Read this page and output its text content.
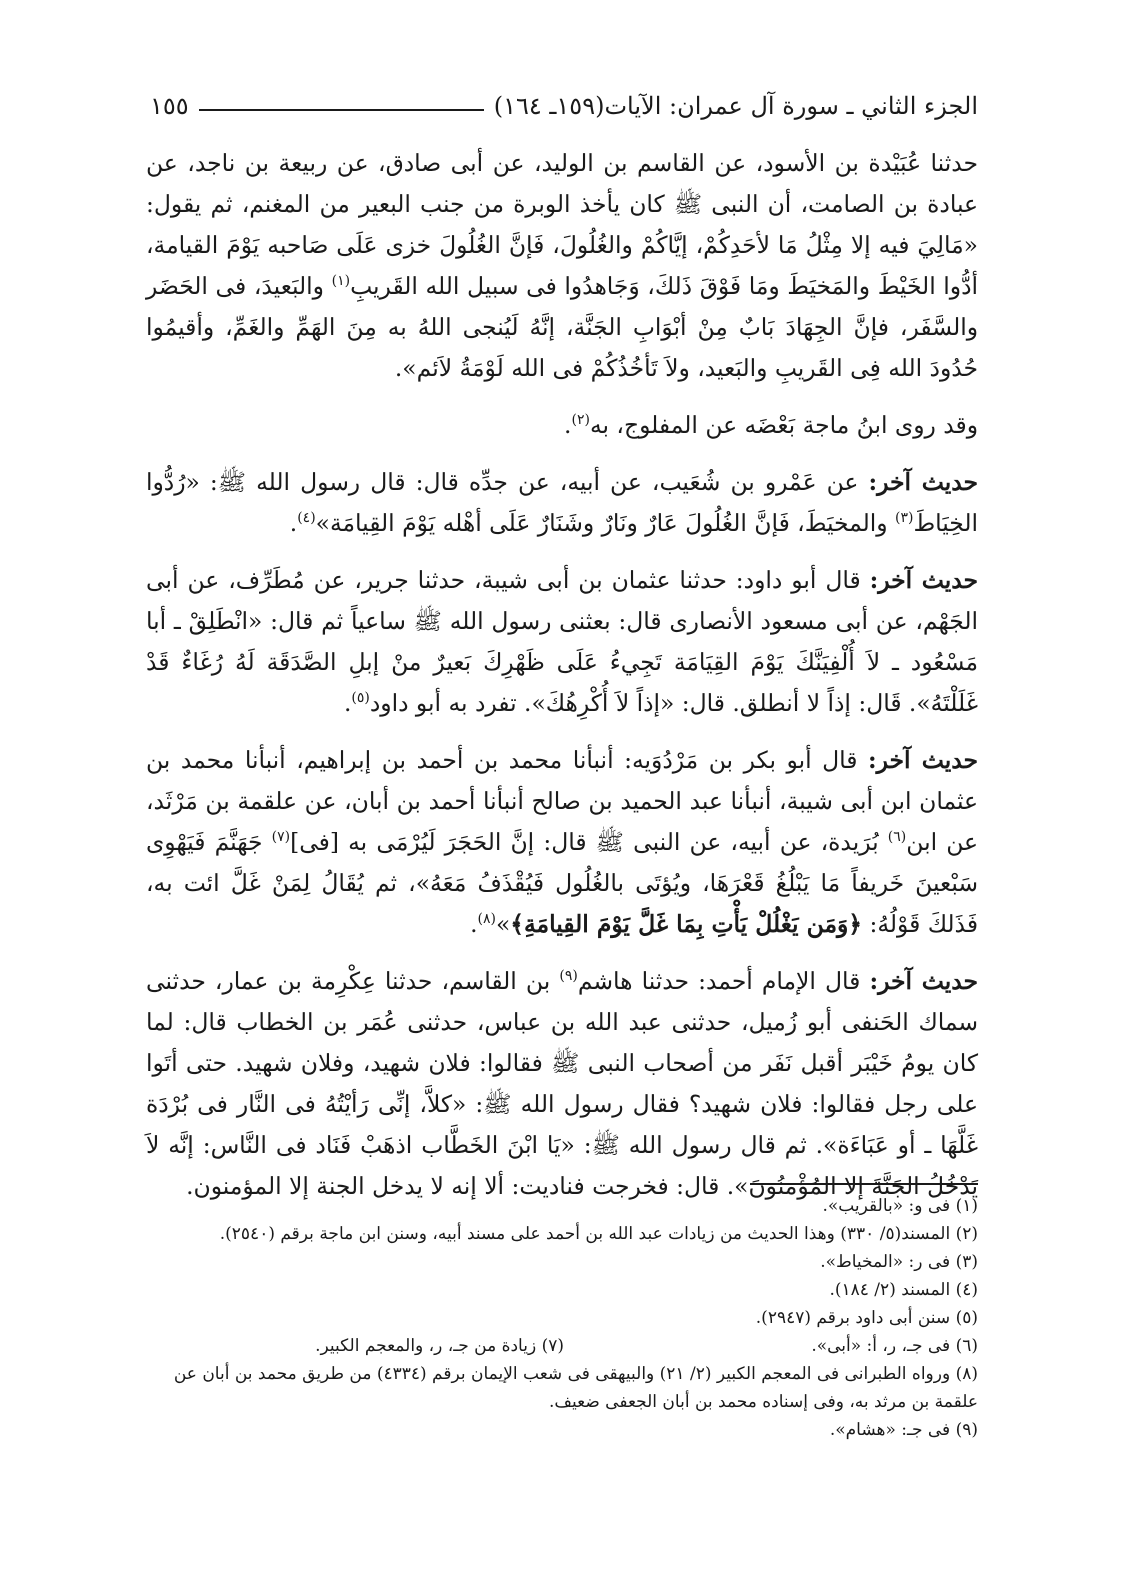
الجزء الثاني ـ سورة آل عمران: الآيات(١٥٩ـ ١٦٤)
١٥٥

حدثنا عُبَيْدة بن الأسود، عن القاسم بن الوليد، عن أبى صادق، عن ربيعة بن ناجد، عن عبادة بن الصامت، أن النبى ﷺ كان يأخذ الوبرة من جنب البعير من المغنم، ثم يقول: «مَالِيَ فيه إلا مِثْلُ مَا لأحَدِكُمْ، إيَّاكُمْ والغُلُولَ، فَإنَّ الغُلُولَ خزى عَلَى صَاحبه يَوْمَ القيامة، أدُّوا الخَيْطَ والمَخيَطَ ومَا فَوْقَ ذَلكَ، وَجَاهدُوا فى سبيل الله القَريبِ$^{(١)}$ والبَعيدَ، فى الحَضَر والسَّفَر، فإنَّ الجِهَادَ بَابٌ مِنْ أبْوَابِ الجَنَّة، إنَّهُ لَيُنجى اللهُ به مِنَ الهَمِّ والغَمِّ، وأقيمُوا حُدُودَ الله فِى القَريبِ والبَعيد، ولاَ تَأخُذُكُمْ فى الله لَوْمَةُ لاَئم».

وقد روى ابنُ ماجة بَعْضَه عن المفلوج، به$^{(٢)}$.

حديث آخر: عن عَمْرو بن شُعَيب، عن أبيه، عن جدِّه قال: قال رسول الله ﷺ: «رُدُّوا الخِيَاطَ$^{(٣)}$ والمخيَطَ، فَإنَّ الغُلُولَ عَارٌ ونَارٌ وشَنَارٌ عَلَى أهْله يَوْمَ القِيامَة»$^{(٤)}$.

حديث آخر: قال أبو داود: حدثنا عثمان بن أبى شيبة، حدثنا جرير، عن مُطَرِّف، عن أبى الجَهْم، عن أبى مسعود الأنصارى قال: بعثنى رسول الله ﷺ ساعياً ثم قال: «انْطَلِقْ ـ أبا مَسْعُود ـ لاَ أُلْفِيَنَّكَ يَوْمَ القِيَامَة تَجِيءُ عَلَى ظَهْرِكَ بَعيرٌ منْ إبلِ الصَّدَقَة لَهُ رُغَاءٌ قَدْ غَلَلْتَهُ». قَال: إذاً لا أنطلق. قال: «إذاً لاَ أُكْرِهُكَ». تفرد به أبو داود$^{(٥)}$.

حديث آخر: قال أبو بكر بن مَرْدُوَيه: أنبأنا محمد بن أحمد بن إبراهيم، أنبأنا محمد بن عثمان ابن أبى شيبة، أنبأنا عبد الحميد بن صالح أنبأنا أحمد بن أبان، عن علقمة بن مَرْثَد، عن ابن$^{(٦)}$ بُرَيدة، عن أبيه، عن النبى ﷺ قال: إنَّ الحَجَرَ لَيُرْمَى به [فى]$^{(٧)}$ جَهَنَّمَ فَيَهْوِى سَبْعينَ خَريفاً مَا يَبْلُغُ قَعْرَهَا، ويُؤتَى بالغُلُول فَيُقْذَفُ مَعَهُ»، ثم يُقَالُ لِمَنْ غَلَّ ائت به، فَذَلكَ قَوْلُهُ: ﴿وَمَن يَغْلُلْ يَأْتِ بِمَا غَلَّ يَوْمَ القِيامَةِ﴾»$^{(٨)}$.

حديث آخر: قال الإمام أحمد: حدثنا هاشم$^{(٩)}$ بن القاسم، حدثنا عِكْرِمة بن عمار، حدثنى سماك الحَنفى أبو زُميل، حدثنى عبد الله بن عباس، حدثنى عُمَر بن الخطاب قال: لما كان يومُ خَيْبَر أقبل نَفَر من أصحاب النبى ﷺ فقالوا: فلان شهيد، وفلان شهيد. حتى أتَوا على رجل فقالوا: فلان شهيد؟ فقال رسول الله ﷺ: «كلاَّ، إنِّى رَأيْتُهُ فى النَّار فى بُرْدَة غَلَّهَا ـ أو عَبَاءَة». ثم قال رسول الله ﷺ: «يَا ابْنَ الخَطَّاب اذهَبْ فَنَاد فى النَّاس: إنَّه لاَ يَدْخُلُ الجَنَّةَ إلا المُؤْمنُونَ». قال: فخرجت فناديت: ألا إنه لا يدخل الجنة إلا المؤمنون.

(١) فى و: «بالقريب».

(٢) المسند(٥/ ٣٣٠) وهذا الحديث من زيادات عبد الله بن أحمد على مسند أبيه، وسنن ابن ماجة برقم (٢٥٤٠).

(٣) فى ر: «المخياط».

(٤) المسند (٢/ ١٨٤).

(٥) سنن أبى داود برقم (٢٩٤٧).

(٦) فى جـ، ر، أ: «أبى».

(٧) زيادة من جـ، ر، والمعجم الكبير.

(٨) ورواه الطبرانى فى المعجم الكبير (٢/ ٢١) والبيهقى فى شعب الإيمان برقم (٤٣٣٤) من طريق محمد بن أبان عن علقمة بن مرثد به، وفى إسناده محمد بن أبان الجعفى ضعيف.

(٩) فى جـ: «هشام».
